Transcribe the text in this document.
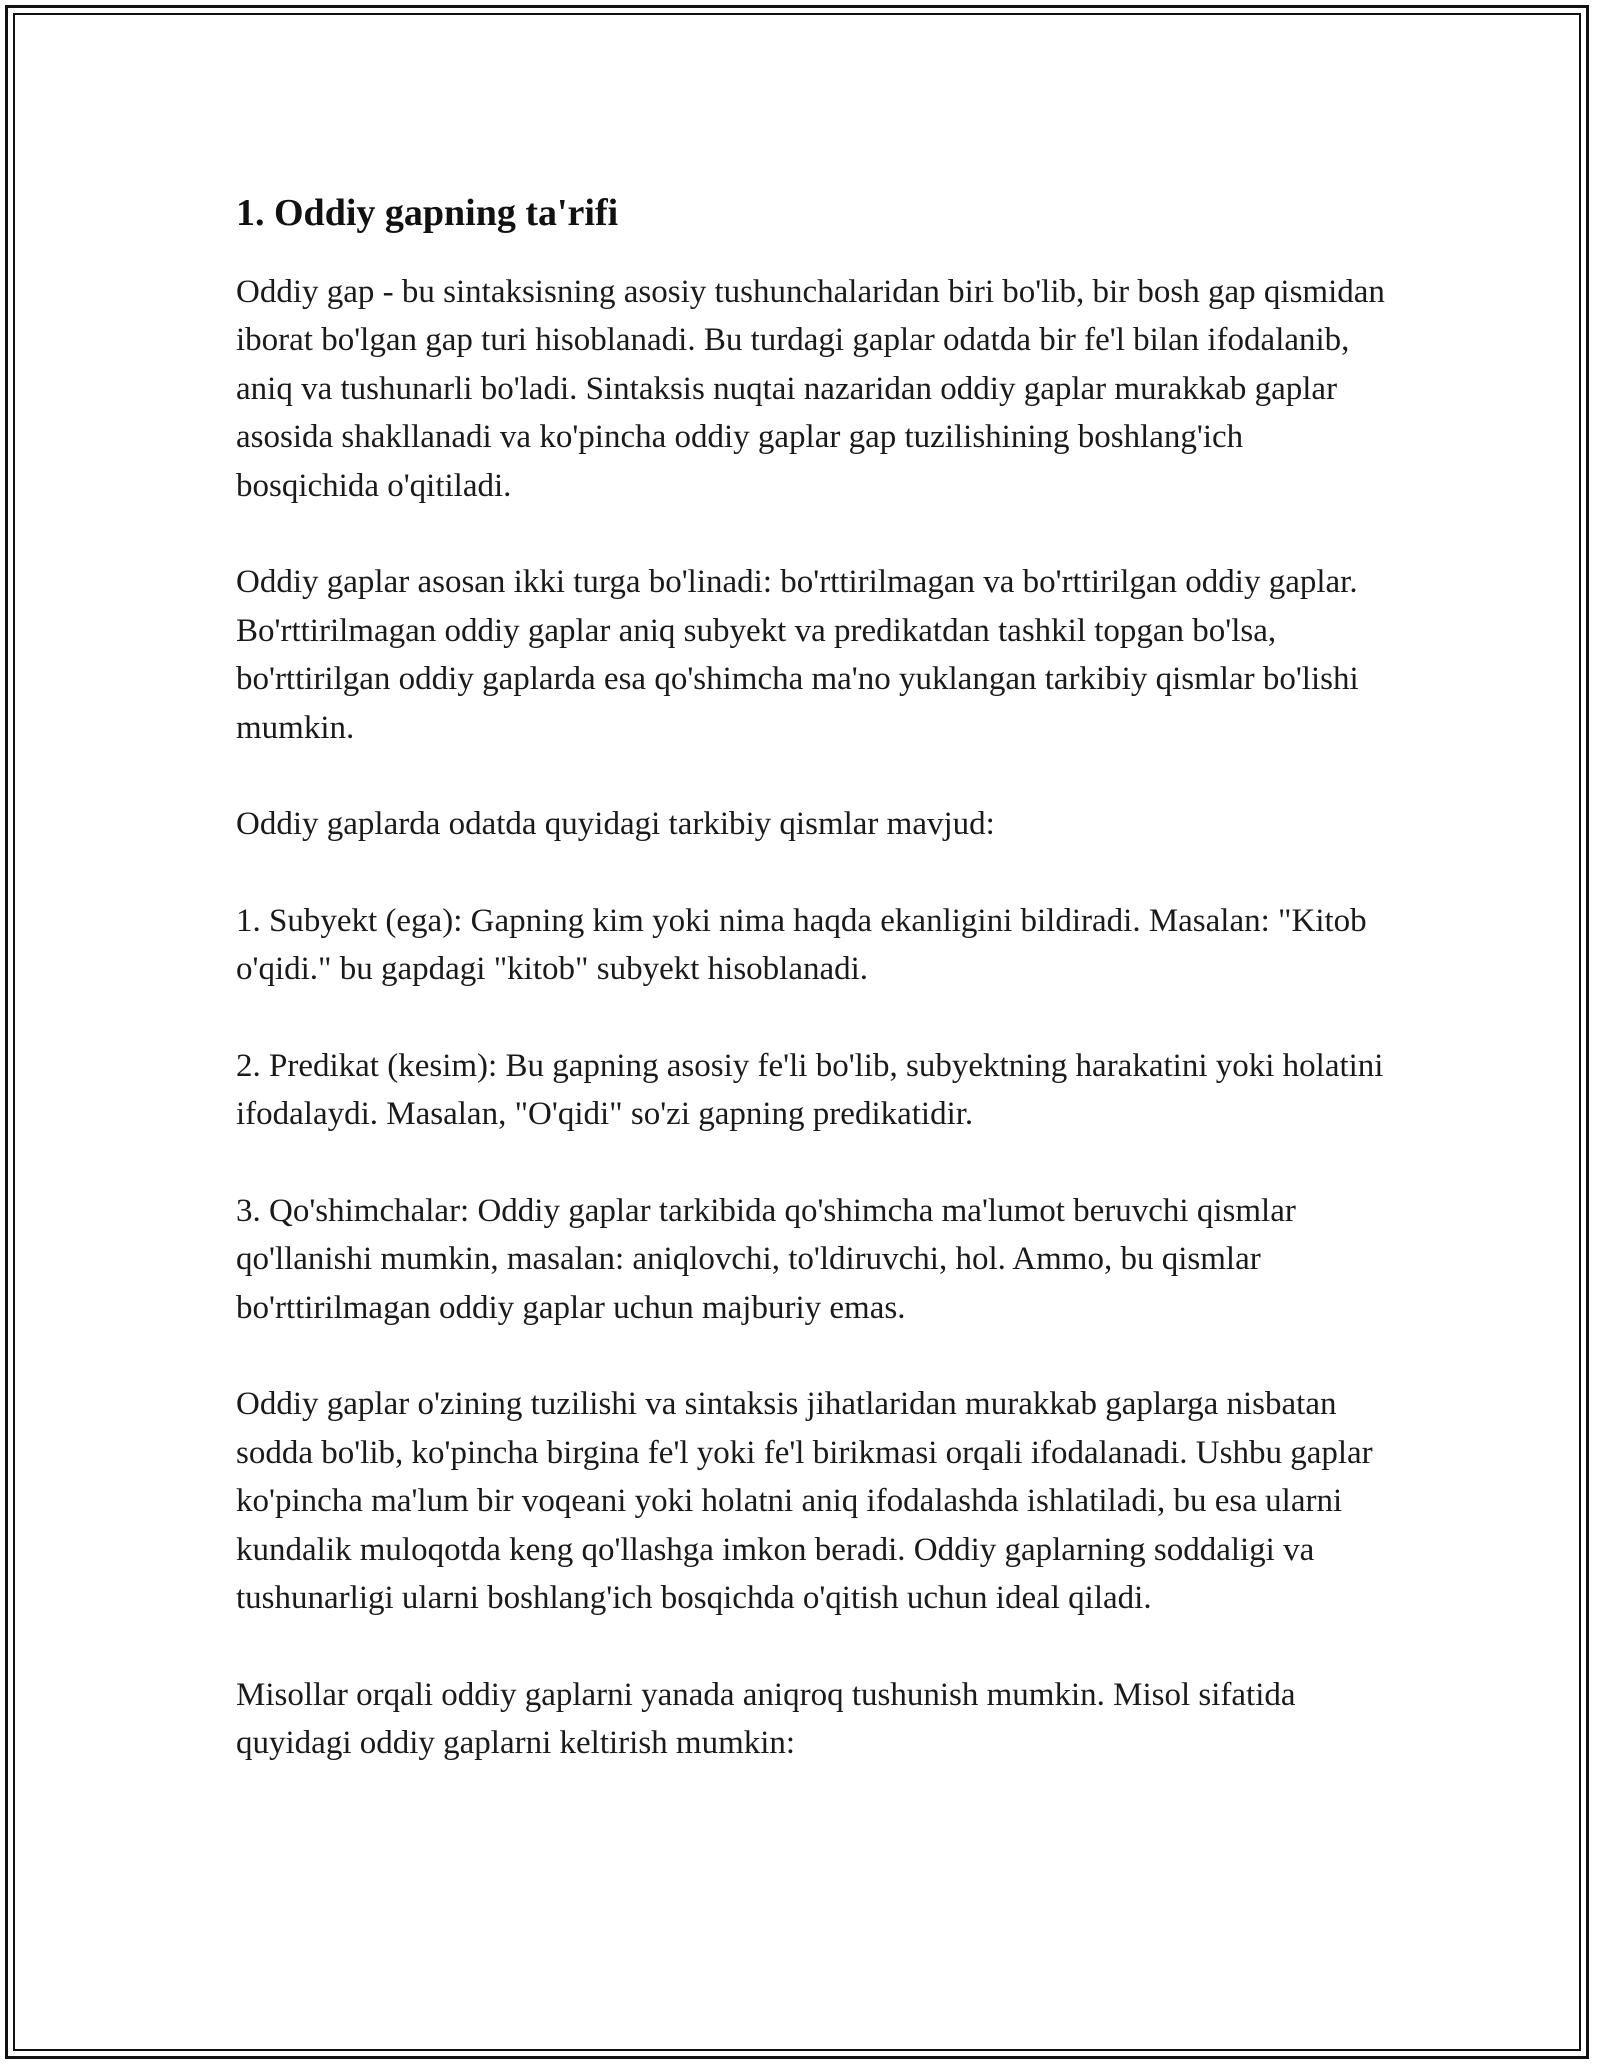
1. Oddiy gapning ta'rifi

Oddiy gap - bu sintaksisning asosiy tushunchalaridan biri bo'lib, bir bosh gap qismidan iborat bo'lgan gap turi hisoblanadi. Bu turdagi gaplar odatda bir fe'l bilan ifodalanib, aniq va tushunarli bo'ladi. Sintaksis nuqtai nazaridan oddiy gaplar murakkab gaplar asosida shakllanadi va ko'pincha oddiy gaplar gap tuzilishining boshlang'ich bosqichida o'qitiladi.

Oddiy gaplar asosan ikki turga bo'linadi: bo'rttirilmagan va bo'rttirilgan oddiy gaplar. Bo'rttirilmagan oddiy gaplar aniq subyekt va predikatdan tashkil topgan bo'lsa, bo'rttirilgan oddiy gaplarda esa qo'shimcha ma'no yuklangan tarkibiy qismlar bo'lishi mumkin.

Oddiy gaplarda odatda quyidagi tarkibiy qismlar mavjud:

1. Subyekt (ega): Gapning kim yoki nima haqda ekanligini bildiradi. Masalan: "Kitob o'qidi." bu gapdagi "kitob" subyekt hisoblanadi.

2. Predikat (kesim): Bu gapning asosiy fe'li bo'lib, subyektning harakatini yoki holatini ifodalaydi. Masalan, "O'qidi" so'zi gapning predikatidir.

3. Qo'shimchalar: Oddiy gaplar tarkibida qo'shimcha ma'lumot beruvchi qismlar qo'llanishi mumkin, masalan: aniqlovchi, to'ldiruvchi, hol. Ammo, bu qismlar bo'rttirilmagan oddiy gaplar uchun majburiy emas.

Oddiy gaplar o'zining tuzilishi va sintaksis jihatlaridan murakkab gaplarga nisbatan sodda bo'lib, ko'pincha birgina fe'l yoki fe'l birikmasi orqali ifodalanadi. Ushbu gaplar ko'pincha ma'lum bir voqeani yoki holatni aniq ifodalashda ishlatiladi, bu esa ularni kundalik muloqotda keng qo'llashga imkon beradi. Oddiy gaplarning soddaligi va tushunarligi ularni boshlang'ich bosqichda o'qitish uchun ideal qiladi.

Misollar orqali oddiy gaplarni yanada aniqroq tushunish mumkin. Misol sifatida quyidagi oddiy gaplarni keltirish mumkin:
